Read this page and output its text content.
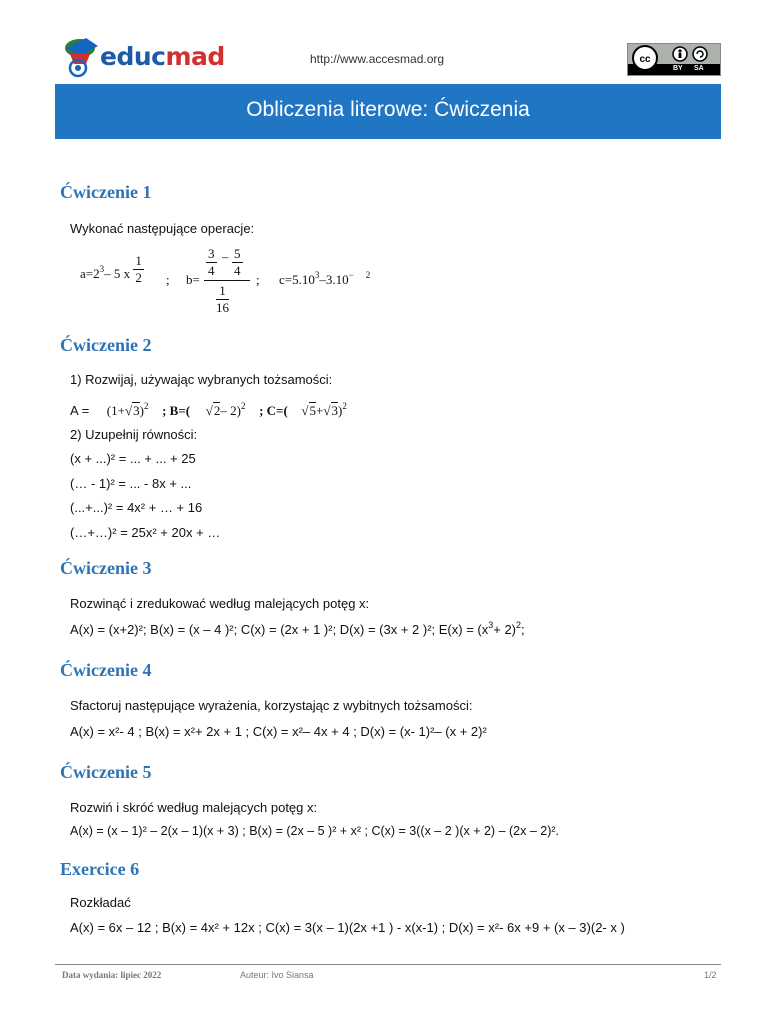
educmad	http://www.accesmad.org	cc
BY SA
Obliczenia literowe: Ćwiczenia
Ćwiczenie 1
Wykonać następujące operacje:
$a=2^3-$ 5 x $\frac{1}{2}$ ; b=
$\frac{3}{4} - \frac{5}{4}$
$\frac{1}{16}$
; $c=5.10^3-3.10^-$ $^2$
Ćwiczenie 2
1) Rozwijaj, używając wybranych tożsamości:
$A = (1+√3)^2$ ; B=( √2– 2)$^2$ ; C=( √5+√3)$^2$
2) Uzupełnij równości:
(x + ...)² = ... + ... + 25
(… - 1)² = ... - 8x + ...
(...+...)² = 4x² + … + 16
(…+…)² = 25x² + 20x + …
Ćwiczenie 3
Rozwinąć i zredukować według malejących potęg x:
A(x) = (x+2)²; B(x) = (x – 4 )²; C(x) = (2x + 1 )²; D(x) = (3x + 2 )²; $E(x) = (x^3+ 2)^2$;
Ćwiczenie 4
Sfactoruj następujące wyrażenia, korzystając z wybitnych tożsamości:
A(x) = x²- 4 ; B(x) = x²+ 2x + 1 ; C(x) = x²– 4x + 4 ; D(x) = (x- 1)²– (x + 2)²
Ćwiczenie 5
Rozwiń i skróć według malejących potęg x:
A(x) = (x – 1)² – 2(x – 1)(x + 3) ; B(x) = (2x – 5 )² + x² ; C(x) = 3((x – 2 )(x + 2) – (2x – 2)².
Exercice 6
Rozkładać
A(x) = 6x – 12 ; B(x) = 4x² + 12x ; C(x) = 3(x – 1)(2x +1 ) - x(x-1) ; D(x) = x²- 6x +9 + (x – 3)(2- x )
Data wydania: lipiec 2022	Auteur: Ivo Siansa	1/2
